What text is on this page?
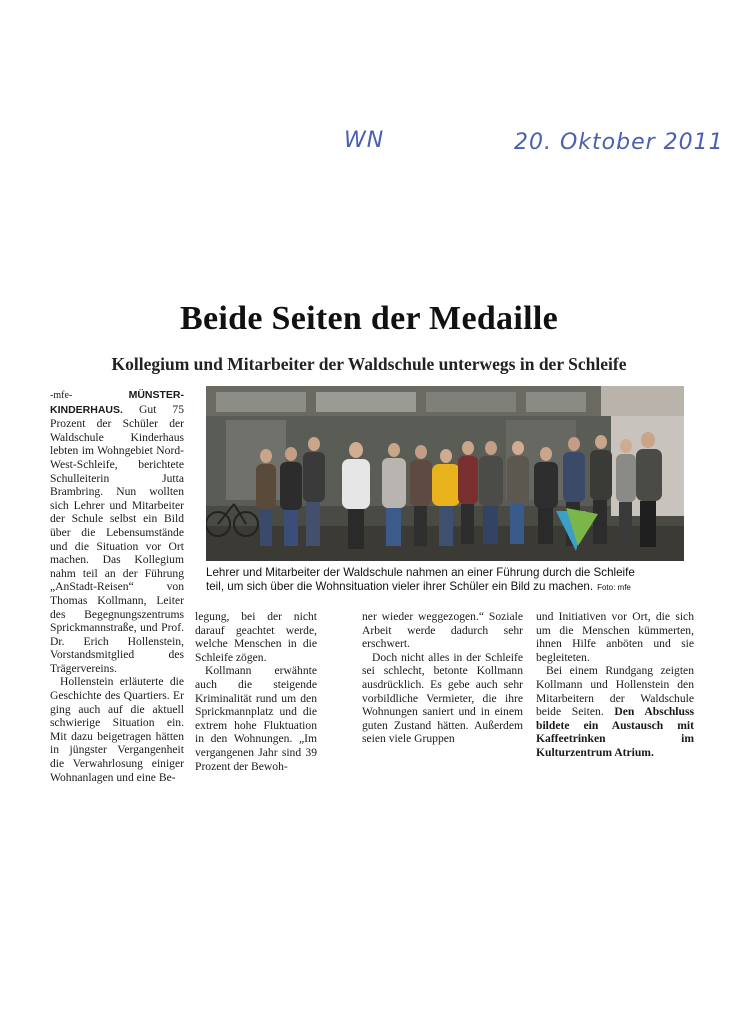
WN	20. Oktober 2011
Beide Seiten der Medaille
Kollegium und Mitarbeiter der Waldschule unterwegs in der Schleife

-mfe-	MÜNSTER-KINDERHAUS. Gut 75 Prozent der Schüler der Waldschule Kinderhaus lebten im Wohngebiet Nord-West-Schleife, berichtete Schulleiterin Jutta Brambring. Nun wollten sich Lehrer und Mitarbeiter der Schule selbst ein Bild über die Lebensumstände und die Situation vor Ort machen. Das Kollegium nahm teil an der Führung „AnStadt-Reisen“ von Thomas Kollmann, Leiter des Begegnungszentrums Sprickmannstraße, und Prof. Dr. Erich Hollenstein, Vorstandsmitglied des Trägervereins.

Hollenstein erläuterte die Geschichte des Quartiers. Er ging auch auf die aktuell schwierige Situation ein. Mit dazu beigetragen hätten in jüngster Vergangenheit die Verwahrlosung einiger Wohnanlagen und eine Be-

Lehrer und Mitarbeiter der Waldschule nahmen an einer Führung durch die Schleife
teil, um sich über die Wohnsituation vieler ihrer Schüler ein Bild zu machen. Foto: mfe

legung, bei der nicht darauf geachtet werde, welche Menschen in die Schleife zögen.

Kollmann erwähnte auch die steigende Kriminalität rund um den Sprickmannplatz und die extrem hohe Fluktuation in den Wohnungen. „Im vergangenen Jahr sind 39 Prozent der Bewoh-

ner wieder weggezogen.“ Soziale Arbeit werde dadurch sehr erschwert.

Doch nicht alles in der Schleife sei schlecht, betonte Kollmann ausdrücklich. Es gebe auch sehr vorbildliche Vermieter, die ihre Wohnungen saniert und in einem guten Zustand hätten. Außerdem seien viele Gruppen

und Initiativen vor Ort, die sich um die Menschen kümmerten, ihnen Hilfe anböten und sie begleiteten.

Bei einem Rundgang zeigten Kollmann und Hollenstein den Mitarbeitern der Waldschule beide Seiten. Den Abschluss bildete ein Austausch mit Kaffeetrinken im Kulturzentrum Atrium.
